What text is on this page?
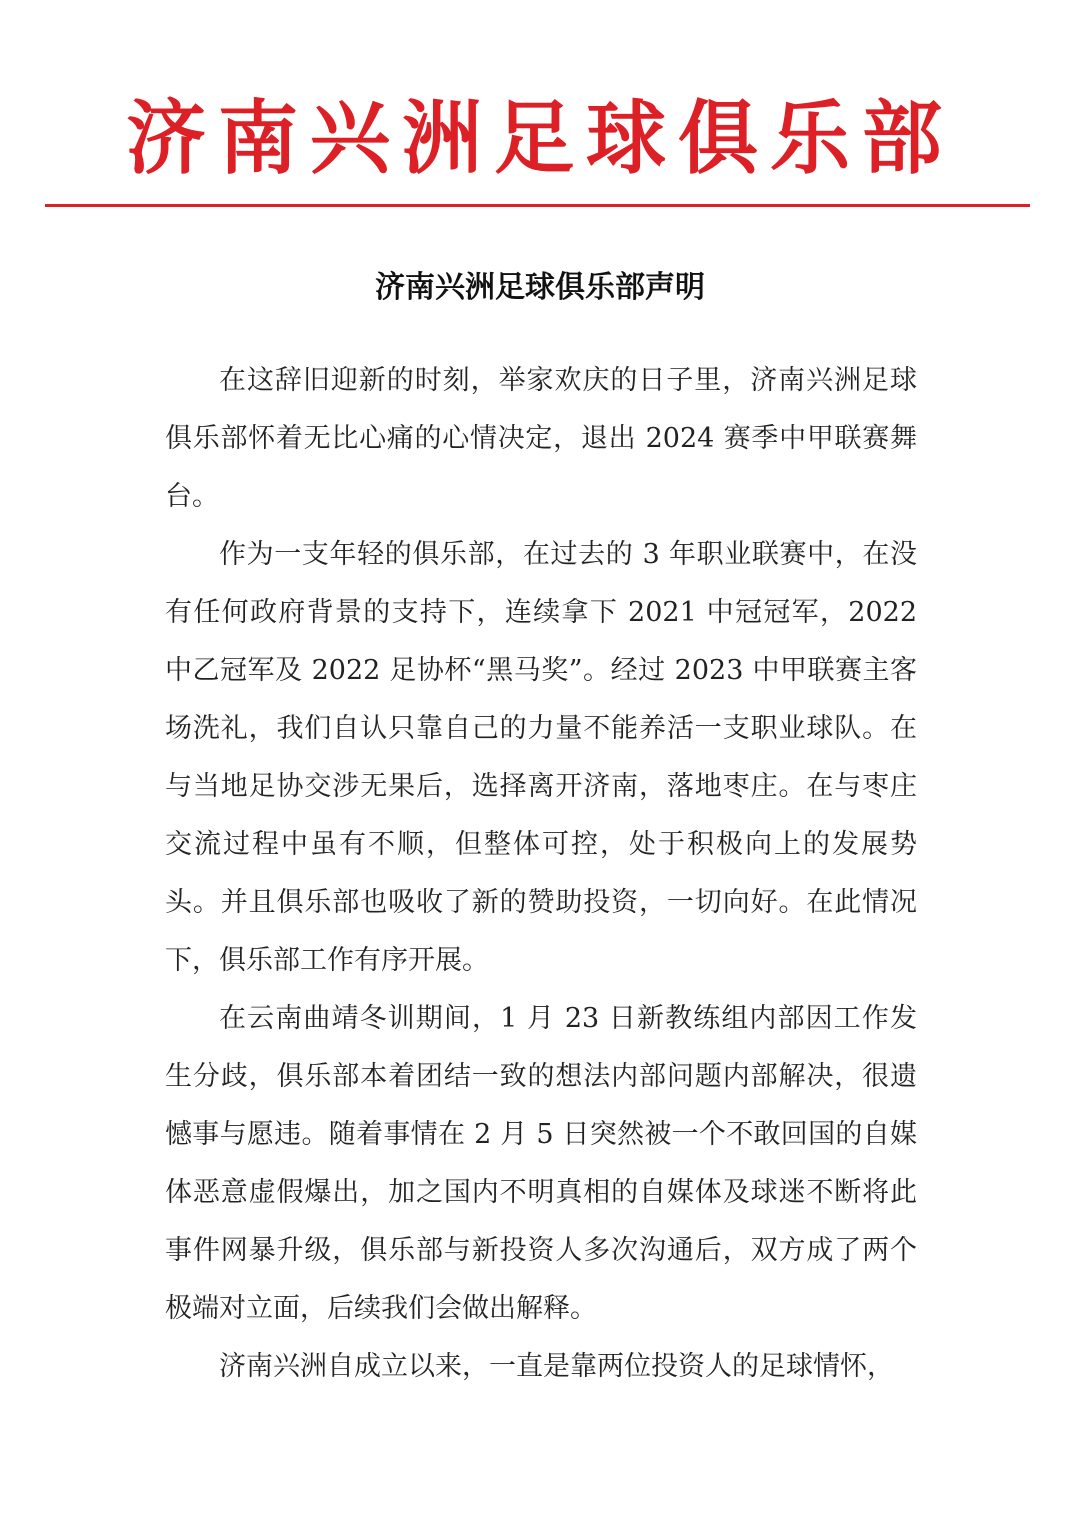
济南兴洲足球俱乐部
济南兴洲足球俱乐部声明

在这辞旧迎新的时刻，举家欢庆的日子里，济南兴洲足球俱乐部怀着无比心痛的心情决定，退出 2024 赛季中甲联赛舞台。

作为一支年轻的俱乐部，在过去的 3 年职业联赛中，在没有任何政府背景的支持下，连续拿下 2021 中冠冠军，2022 中乙冠军及 2022 足协杯“黑马奖”。经过 2023 中甲联赛主客场洗礼，我们自认只靠自己的力量不能养活一支职业球队。在与当地足协交涉无果后，选择离开济南，落地枣庄。在与枣庄交流过程中虽有不顺，但整体可控，处于积极向上的发展势头。并且俱乐部也吸收了新的赞助投资，一切向好。在此情况下，俱乐部工作有序开展。

在云南曲靖冬训期间，1 月 23 日新教练组内部因工作发生分歧，俱乐部本着团结一致的想法内部问题内部解决，很遗憾事与愿违。随着事情在 2 月 5 日突然被一个不敢回国的自媒体恶意虚假爆出，加之国内不明真相的自媒体及球迷不断将此事件网暴升级，俱乐部与新投资人多次沟通后，双方成了两个极端对立面，后续我们会做出解释。

济南兴洲自成立以来，一直是靠两位投资人的足球情怀，
